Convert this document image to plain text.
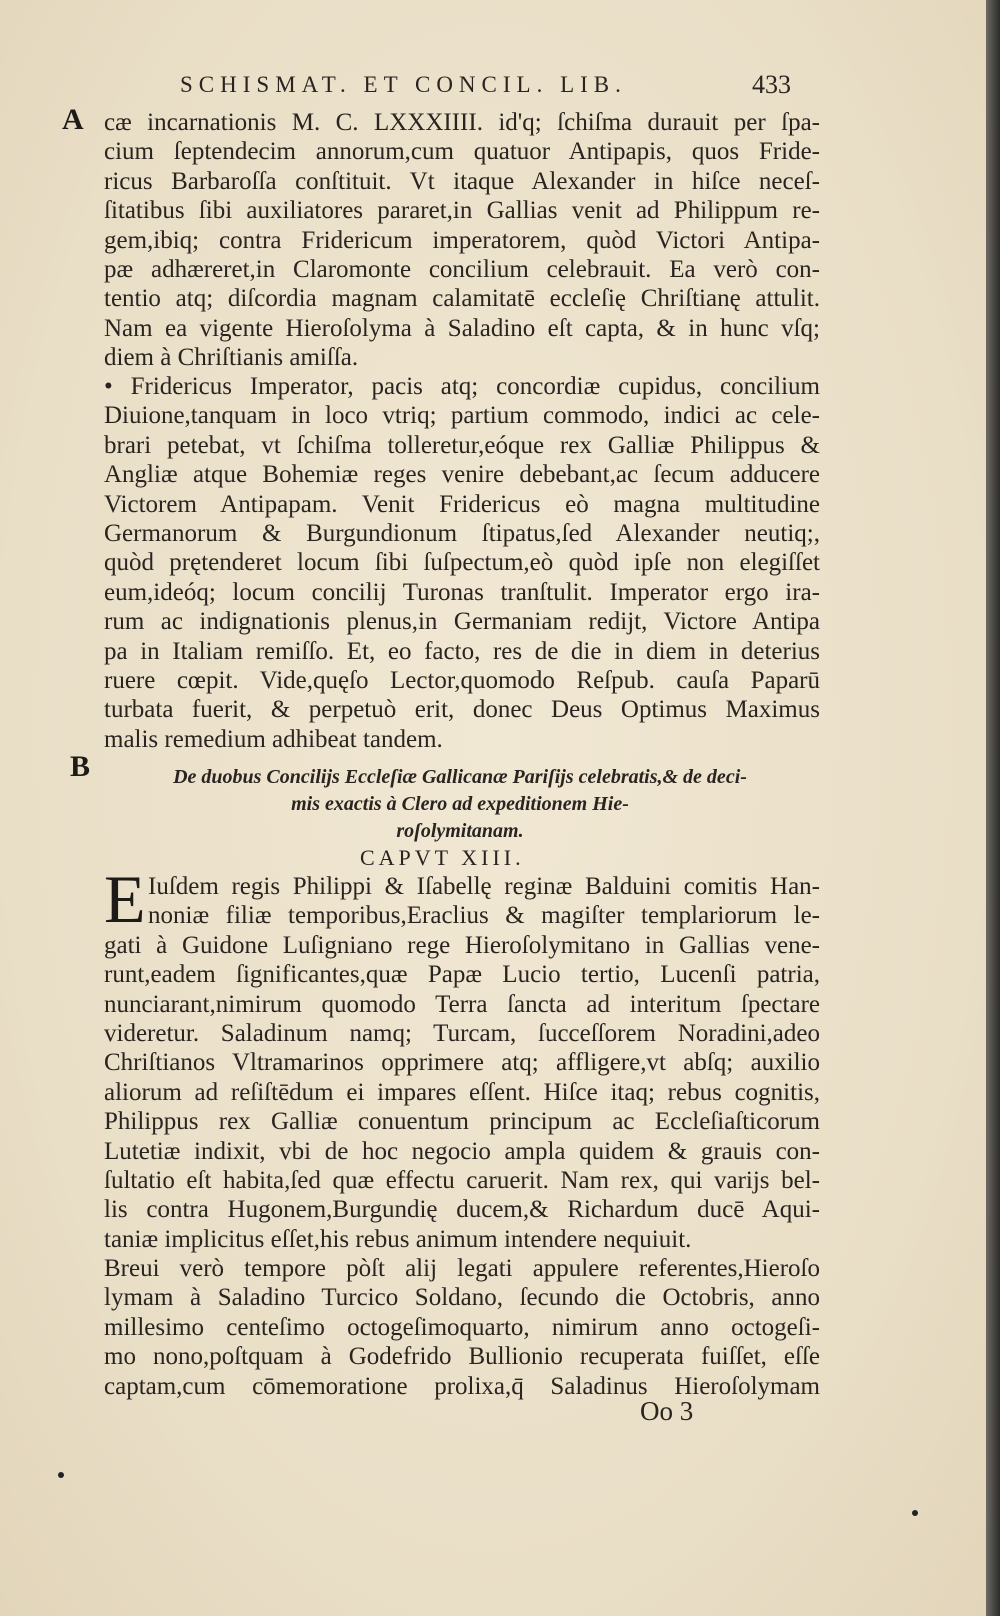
SCHISMAT. ET CONCIL. LIB.	433
A
B
cæ incarnationis M. C. LXXXIIII. id'q; ſchiſma durauit per ſpa-
cium ſeptendecim annorum,cum quatuor Antipapis, quos Fride-
ricus Barbaroſſa conſtituit. Vt itaque Alexander in hiſce neceſ-
ſitatibus ſibi auxiliatores pararet,in Gallias venit ad Philippum re-
gem,ibiq; contra Fridericum imperatorem, quòd Victori Antipa-
pæ adhæreret,in Claromonte concilium celebrauit. Ea verò con-
tentio atq; diſcordia magnam calamitatē eccleſię Chriſtianę attulit.
Nam ea vigente Hieroſolyma à Saladino eſt capta, & in hunc vſq;
diem à Chriſtianis amiſſa.
• Fridericus Imperator, pacis atq; concordiæ cupidus, concilium
Diuione,tanquam in loco vtriq; partium commodo, indici ac cele-
brari petebat, vt ſchiſma tolleretur,eóque rex Galliæ Philippus &
Angliæ atque Bohemiæ reges venire debebant,ac ſecum adducere
Victorem Antipapam. Venit Fridericus eò magna multitudine
Germanorum & Burgundionum ſtipatus,ſed Alexander neutiq;,
quòd prętenderet locum ſibi ſuſpectum,eò quòd ipſe non elegiſſet
eum,ideóq; locum concilij Turonas tranſtulit. Imperator ergo ira-
rum ac indignationis plenus,in Germaniam rediјt, Victore Antipa
pa in Italiam remiſſo. Et, eo facto, res de die in diem in deterius
ruere cœpit. Vide,quęſo Lector,quomodo Reſpub. cauſa Paparū
turbata fuerit, & perpetuò erit, donec Deus Optimus Maximus
malis remedium adhibeat tandem.
De duobus Concilijs Eccleſiæ Gallicanæ Pariſijs celebratis,& de deci-
mis exactis à Clero ad expeditionem Hie-
roſolymitanam.
CAPVT XIII.
E Iuſdem regis Philippi & Iſabellę reginæ Balduini comitis Han-
noniæ filiæ temporibus,Eraclius & magiſter templariorum le-
gati à Guidone Luſigniano rege Hieroſolymitano in Gallias vene-
runt,eadem ſignificantes,quæ Papæ Lucio tertio, Lucenſi patria,
nunciarant,nimirum quomodo Terra ſancta ad interitum ſpectare
videretur. Saladinum namq; Turcam, ſucceſſorem Noradini,adeo
Chriſtianos Vltramarinos opprimere atq; affligere,vt abſq; auxilio
aliorum ad reſiſtēdum ei impares eſſent. Hiſce itaq; rebus cognitis,
Philippus rex Galliæ conuentum principum ac Eccleſiaſticorum
Lutetiæ indixit, vbi de hoc negocio ampla quidem & grauis con-
ſultatio eſt habita,ſed quæ effectu caruerit. Nam rex, qui varijs bel-
lis contra Hugonem,Burgundię ducem,& Richardum ducē Aqui-
taniæ implicitus eſſet,his rebus animum intendere nequiuit.
Breui verò tempore pòſt alij legati appulere referentes,Hieroſo
lymam à Saladino Turcico Soldano, ſecundo die Octobris, anno
millesimo centeſimo octogeſimoquarto, nimirum anno octogeſi-
mo nono,poſtquam à Godefrido Bullionio recuperata fuiſſet, eſſe
captam,cum cōmemoratione prolixa,q̄ Saladinus Hieroſolymam
Oo 3
